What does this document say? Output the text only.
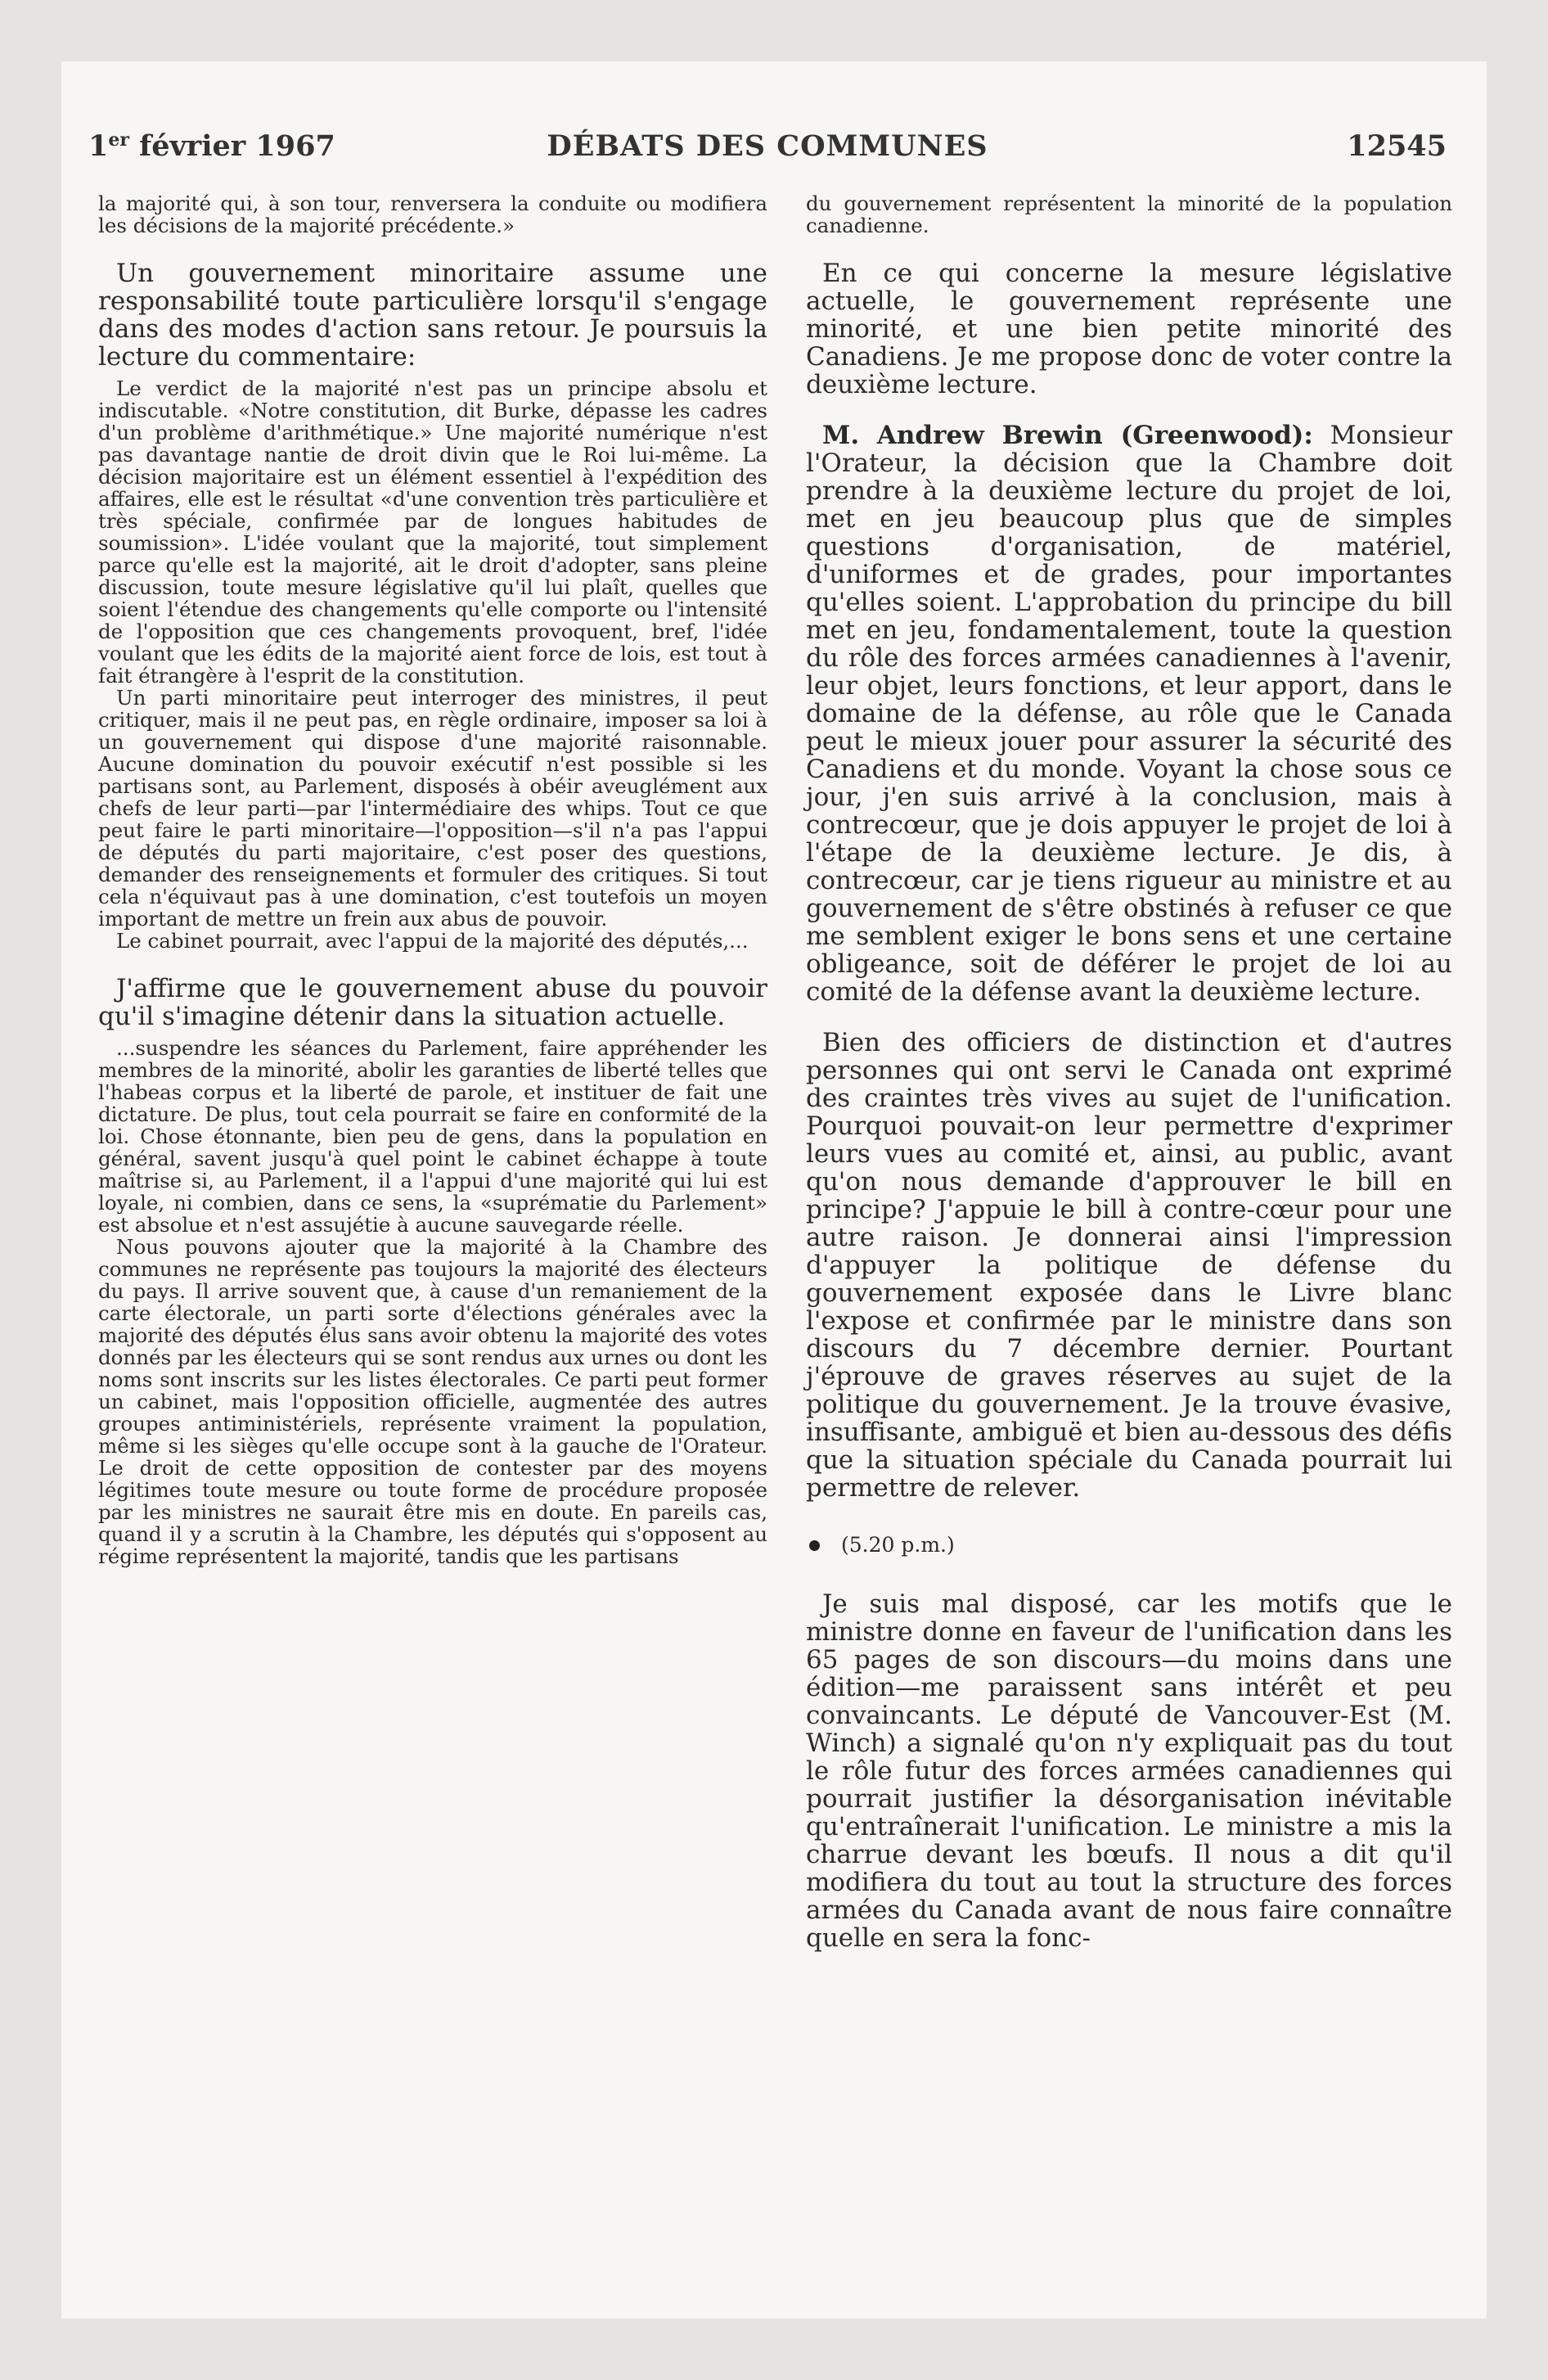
1er février 1967	DÉBATS DES COMMUNES	12545

la majorité qui, à son tour, renversera la conduite ou modifiera les décisions de la majorité précédente.»

Un gouvernement minoritaire assume une responsabilité toute particulière lorsqu'il s'engage dans des modes d'action sans retour. Je poursuis la lecture du commentaire:

Le verdict de la majorité n'est pas un principe absolu et indiscutable. «Notre constitution, dit Burke, dépasse les cadres d'un problème d'arithmétique.» Une majorité numérique n'est pas davantage nantie de droit divin que le Roi lui-même. La décision majoritaire est un élément essentiel à l'expédition des affaires, elle est le résultat «d'une convention très particulière et très spéciale, confirmée par de longues habitudes de soumission». L'idée voulant que la majorité, tout simplement parce qu'elle est la majorité, ait le droit d'adopter, sans pleine discussion, toute mesure législative qu'il lui plaît, quelles que soient l'étendue des changements qu'elle comporte ou l'intensité de l'opposition que ces changements provoquent, bref, l'idée voulant que les édits de la majorité aient force de lois, est tout à fait étrangère à l'esprit de la constitution.

Un parti minoritaire peut interroger des ministres, il peut critiquer, mais il ne peut pas, en règle ordinaire, imposer sa loi à un gouvernement qui dispose d'une majorité raisonnable. Aucune domination du pouvoir exécutif n'est possible si les partisans sont, au Parlement, disposés à obéir aveuglément aux chefs de leur parti—par l'intermédiaire des whips. Tout ce que peut faire le parti minoritaire—l'opposition—s'il n'a pas l'appui de députés du parti majoritaire, c'est poser des questions, demander des renseignements et formuler des critiques. Si tout cela n'équivaut pas à une domination, c'est toutefois un moyen important de mettre un frein aux abus de pouvoir.

Le cabinet pourrait, avec l'appui de la majorité des députés,...

J'affirme que le gouvernement abuse du pouvoir qu'il s'imagine détenir dans la situation actuelle.

...suspendre les séances du Parlement, faire appréhender les membres de la minorité, abolir les garanties de liberté telles que l'habeas corpus et la liberté de parole, et instituer de fait une dictature. De plus, tout cela pourrait se faire en conformité de la loi. Chose étonnante, bien peu de gens, dans la population en général, savent jusqu'à quel point le cabinet échappe à toute maîtrise si, au Parlement, il a l'appui d'une majorité qui lui est loyale, ni combien, dans ce sens, la «suprématie du Parlement» est absolue et n'est assujétie à aucune sauvegarde réelle.

Nous pouvons ajouter que la majorité à la Chambre des communes ne représente pas toujours la majorité des électeurs du pays. Il arrive souvent que, à cause d'un remaniement de la carte électorale, un parti sorte d'élections générales avec la majorité des députés élus sans avoir obtenu la majorité des votes donnés par les électeurs qui se sont rendus aux urnes ou dont les noms sont inscrits sur les listes électorales. Ce parti peut former un cabinet, mais l'opposition officielle, augmentée des autres groupes antiministériels, représente vraiment la population, même si les sièges qu'elle occupe sont à la gauche de l'Orateur. Le droit de cette opposition de contester par des moyens légitimes toute mesure ou toute forme de procédure proposée par les ministres ne saurait être mis en doute. En pareils cas, quand il y a scrutin à la Chambre, les députés qui s'opposent au régime représentent la majorité, tandis que les partisans

du gouvernement représentent la minorité de la population canadienne.

En ce qui concerne la mesure législative actuelle, le gouvernement représente une minorité, et une bien petite minorité des Canadiens. Je me propose donc de voter contre la deuxième lecture.

M. Andrew Brewin (Greenwood): Monsieur l'Orateur, la décision que la Chambre doit prendre à la deuxième lecture du projet de loi, met en jeu beaucoup plus que de simples questions d'organisation, de matériel, d'uniformes et de grades, pour importantes qu'elles soient. L'approbation du principe du bill met en jeu, fondamentalement, toute la question du rôle des forces armées canadiennes à l'avenir, leur objet, leurs fonctions, et leur apport, dans le domaine de la défense, au rôle que le Canada peut le mieux jouer pour assurer la sécurité des Canadiens et du monde. Voyant la chose sous ce jour, j'en suis arrivé à la conclusion, mais à contrecœur, que je dois appuyer le projet de loi à l'étape de la deuxième lecture. Je dis, à contrecœur, car je tiens rigueur au ministre et au gouvernement de s'être obstinés à refuser ce que me semblent exiger le bons sens et une certaine obligeance, soit de déférer le projet de loi au comité de la défense avant la deuxième lecture.

Bien des officiers de distinction et d'autres personnes qui ont servi le Canada ont exprimé des craintes très vives au sujet de l'unification. Pourquoi pouvait-on leur permettre d'exprimer leurs vues au comité et, ainsi, au public, avant qu'on nous demande d'approuver le bill en principe? J'appuie le bill à contre-cœur pour une autre raison. Je donnerai ainsi l'impression d'appuyer la politique de défense du gouvernement exposée dans le Livre blanc l'expose et confirmée par le ministre dans son discours du 7 décembre dernier. Pourtant j'éprouve de graves réserves au sujet de la politique du gouvernement. Je la trouve évasive, insuffisante, ambiguë et bien au-dessous des défis que la situation spéciale du Canada pourrait lui permettre de relever.

(5.20 p.m.)

Je suis mal disposé, car les motifs que le ministre donne en faveur de l'unification dans les 65 pages de son discours—du moins dans une édition—me paraissent sans intérêt et peu convaincants. Le député de Vancouver-Est (M. Winch) a signalé qu'on n'y expliquait pas du tout le rôle futur des forces armées canadiennes qui pourrait justifier la désorganisation inévitable qu'entraînerait l'unification. Le ministre a mis la charrue devant les bœufs. Il nous a dit qu'il modifiera du tout au tout la structure des forces armées du Canada avant de nous faire connaître quelle en sera la fonc-
